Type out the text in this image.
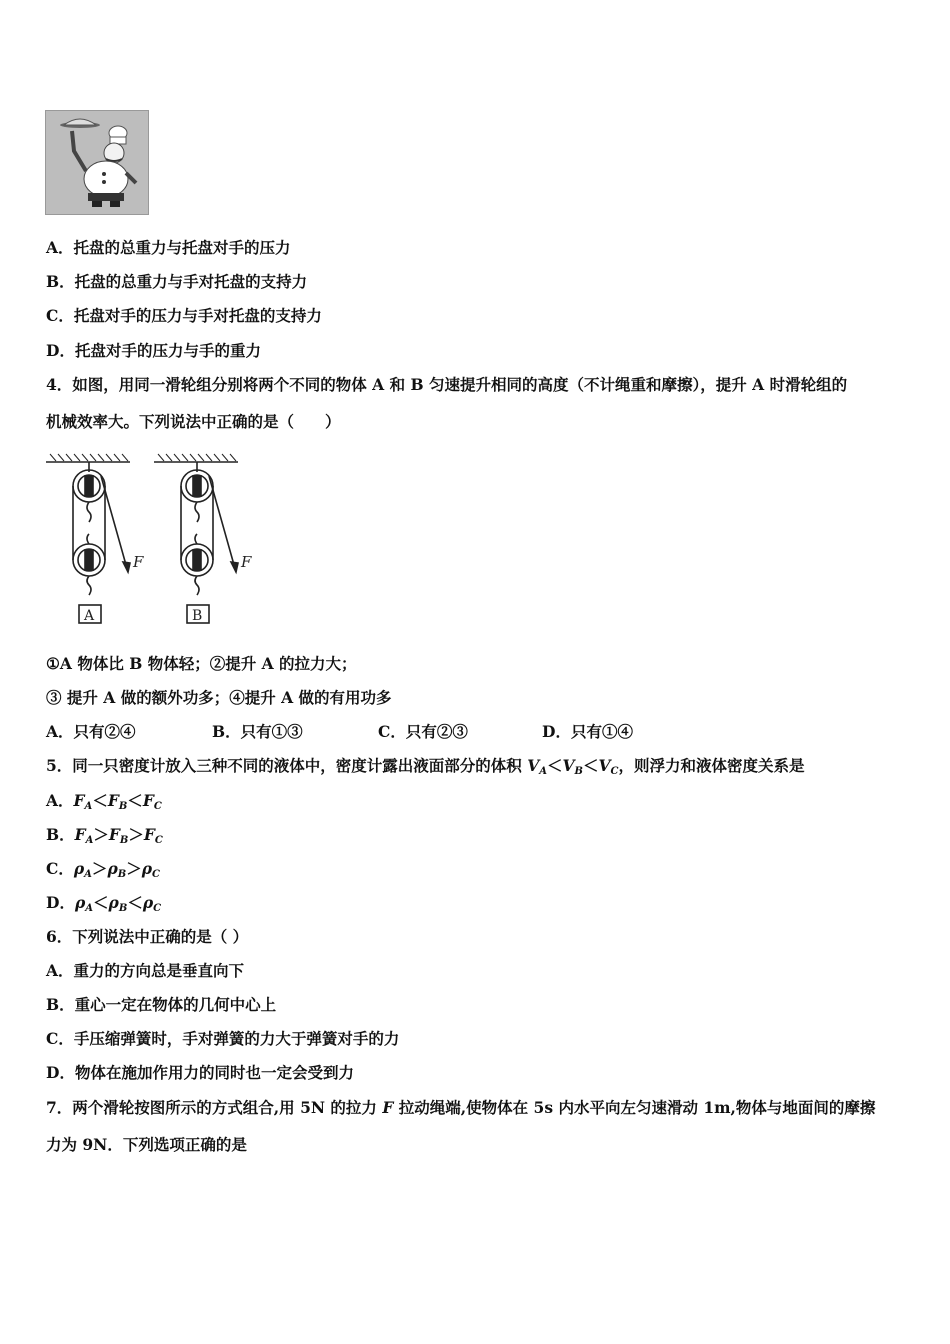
A．托盘的总重力与托盘对手的压力
B．托盘的总重力与手对托盘的支持力
C．托盘对手的压力与手对托盘的支持力
D．托盘对手的压力与手的重力
4．如图，用同一滑轮组分别将两个不同的物体 A 和 B 匀速提升相同的高度（不计绳重和摩擦），提升 A 时滑轮组的
机械效率大。下列说法中正确的是（　　）
F
A
F
B
①A 物体比 B 物体轻；②提升 A 的拉力大；
③ 提升 A 做的额外功多；④提升 A 做的有用功多
A．只有②④	B．只有①③	C．只有②③	D．只有①④
5．同一只密度计放入三种不同的液体中，密度计露出液面部分的体积 $V_A<V_B<V_C$，则浮力和液体密度关系是
A．$F_A<F_B<F_C$
B．$F_A>F_B>F_C$
C．$\rho_A>\rho_B>\rho_C$
D．$\rho_A<\rho_B<\rho_C$
6．下列说法中正确的是（ ）
A．重力的方向总是垂直向下
B．重心一定在物体的几何中心上
C．手压缩弹簧时，手对弹簧的力大于弹簧对手的力
D．物体在施加作用力的同时也一定会受到力
7．两个滑轮按图所示的方式组合,用 5N 的拉力 F 拉动绳端,使物体在 5s 内水平向左匀速滑动 1m,物体与地面间的摩擦
力为 9N．下列选项正确的是
